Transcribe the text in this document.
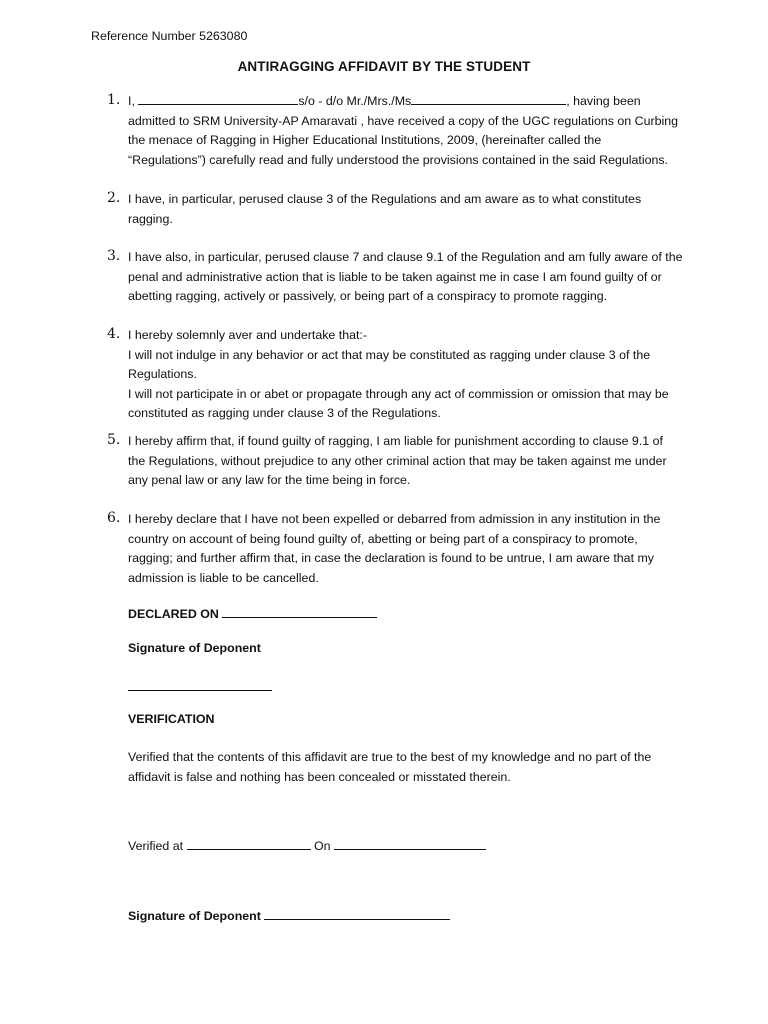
Reference Number 5263080
ANTIRAGGING AFFIDAVIT BY THE STUDENT
1. I,	s/o - d/o Mr./Mrs./Ms	, having been
admitted to SRM University-AP Amaravati , have received a copy of the UGC regulations on Curbing
the menace of Ragging in Higher Educational Institutions, 2009, (hereinafter called the
“Regulations”) carefully read and fully understood the provisions contained in the said Regulations.
2. I have, in particular, perused clause 3 of the Regulations and am aware as to what constitutes
ragging.
3. I have also, in particular, perused clause 7 and clause 9.1 of the Regulation and am fully aware of the
penal and administrative action that is liable to be taken against me in case I am found guilty of or
abetting ragging, actively or passively, or being part of a conspiracy to promote ragging.
4. I hereby solemnly aver and undertake that:-
I will not indulge in any behavior or act that may be constituted as ragging under clause 3 of the
Regulations.
I will not participate in or abet or propagate through any act of commission or omission that may be
constituted as ragging under clause 3 of the Regulations.
5. I hereby affirm that, if found guilty of ragging, I am liable for punishment according to clause 9.1 of
the Regulations, without prejudice to any other criminal action that may be taken against me under
any penal law or any law for the time being in force.
6. I hereby declare that I have not been expelled or debarred from admission in any institution in the
country on account of being found guilty of, abetting or being part of a conspiracy to promote,
ragging; and further affirm that, in case the declaration is found to be untrue, I am aware that my
admission is liable to be cancelled.
DECLARED ON
Signature of Deponent
VERIFICATION
Verified that the contents of this affidavit are true to the best of my knowledge and no part of the
affidavit is false and nothing has been concealed or misstated therein.
Verified at	On
Signature of Deponent
